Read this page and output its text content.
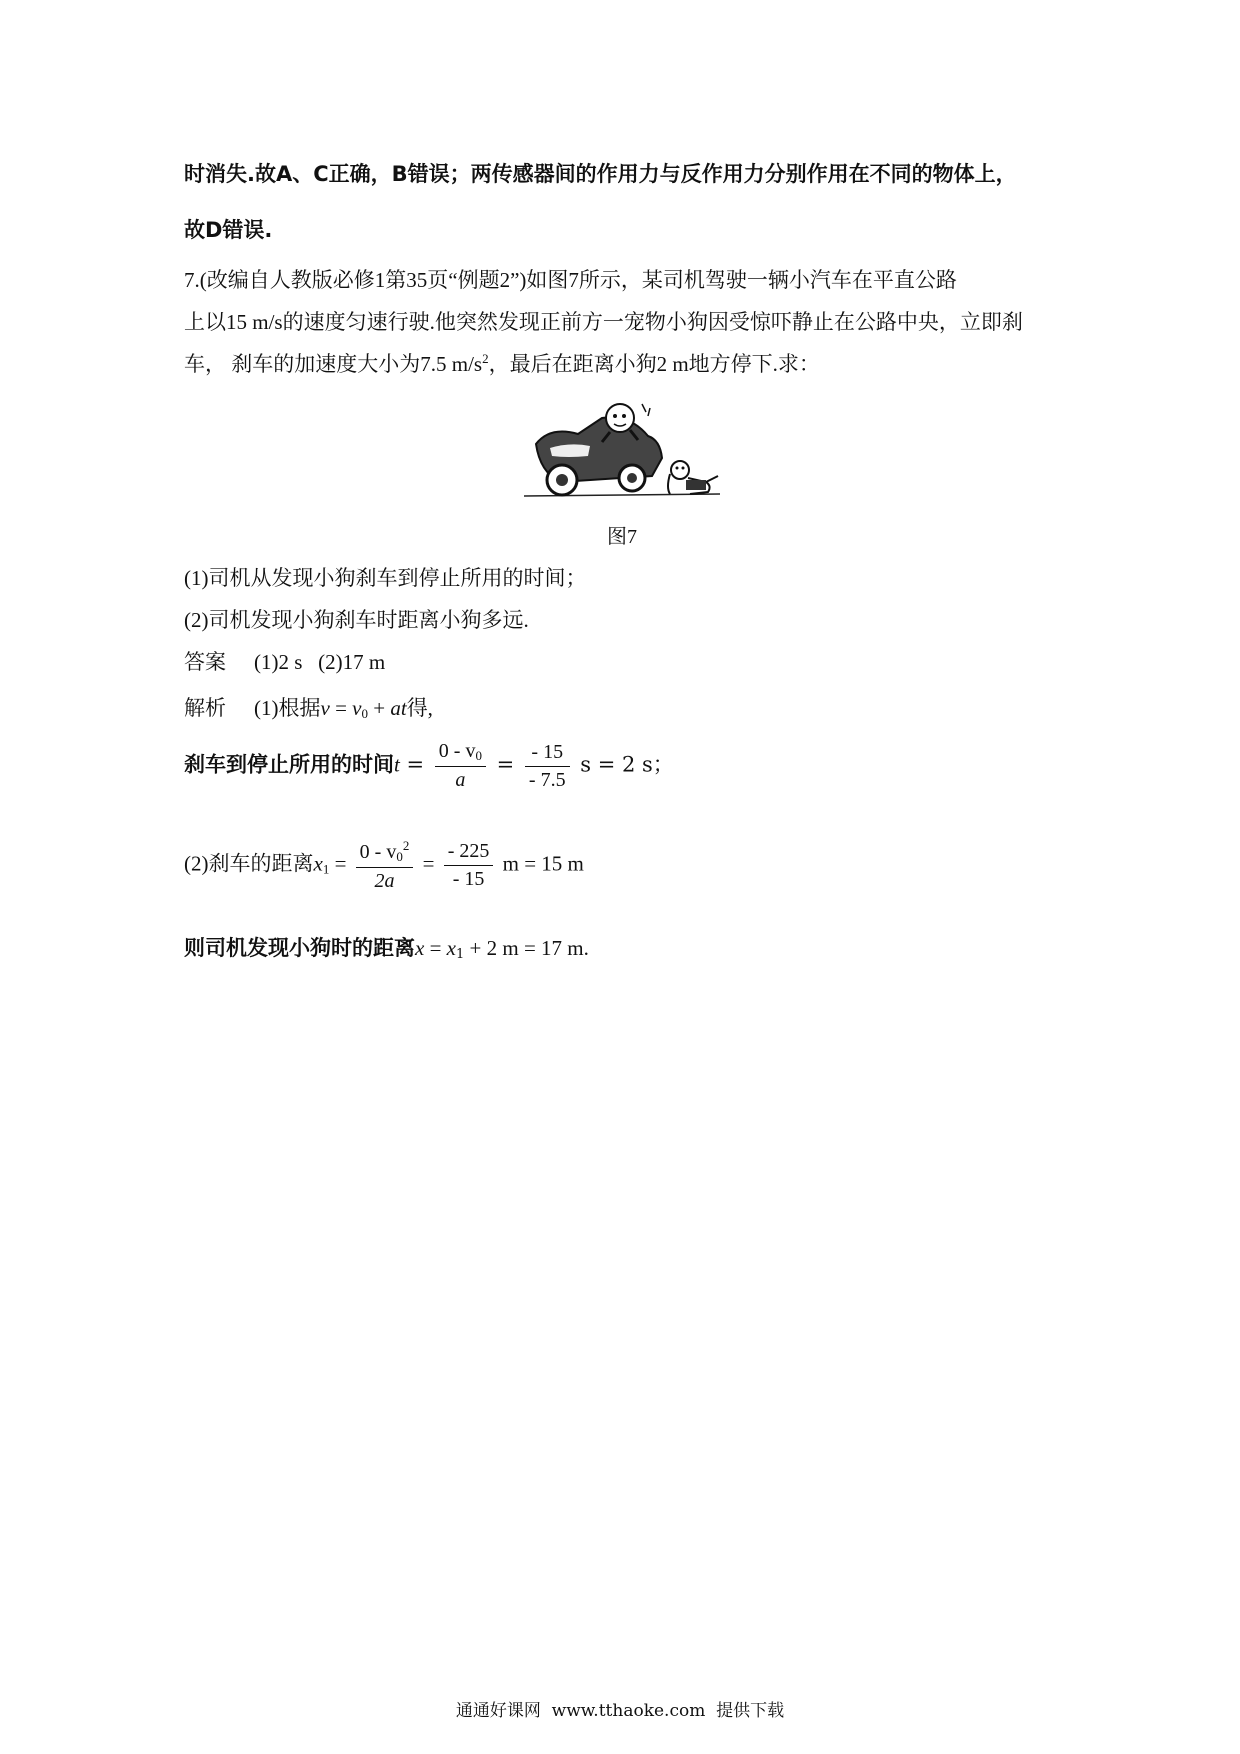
时消失.故A、C正确，B错误；两传感器间的作用力与反作用力分别作用在不同的物体上，
故D错误.
7.(改编自人教版必修1第35页“例题2”)如图7所示，某司机驾驶一辆小汽车在平直公路
上以15 m/s的速度匀速行驶.他突然发现正前方一宠物小狗因受惊吓静止在公路中央，立即刹
车， 刹车的加速度大小为7.5 $m/s^2$，最后在距离小狗2 m地方停下.求：
图7
(1)司机从发现小狗刹车到停止所用的时间；
(2)司机发现小狗刹车时距离小狗多远.
答案 (1)2 s   (2)17 m
解析 (1)根据$v = v_0$ + at得,
刹车到停止所用的时间$t = \frac{0 - v_0}{a} = \frac{- 15}{- 7.5}$ s = 2 s；
(2)刹车的距离$x_1 = \frac{0 - v_0^2}{2a} = \frac{- 225}{- 15}$ m = 15 m
则司机发现小狗时的距离$x = x_1 + 2$ m = 17 m.
通通好课网  www.tthaoke.com  提供下载
